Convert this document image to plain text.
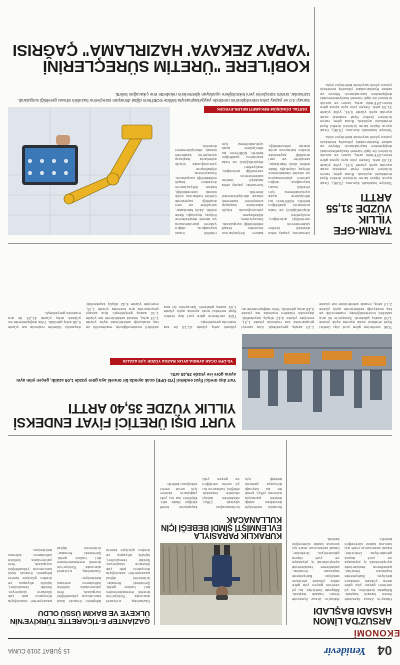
04
Yenidevir
15 ŞUBAT 2019 CUMA
EKONOMİ
ARSUZ'DA LİMON HASADI BAŞLADI

Hatay'ın Arsuz ilçesinde limon hasadı başladı. Bölgede üreticiler, bu yıl verimin geçen yıla göre daha yüksek olmasını bekliyor. Bahçelerde toplanan limonlar, paketleme tesislerinde ayrıştırılarak iç piyasaya ve yurt dışına gönderiliyor. Üreticiler, hasat sezonunun mart ayı sonuna kadar süreceğini belirtti.

Hatay'ın Arsuz ilçesinde limon hasadı başladı. Bölgede üreticiler, bu yıl verimin geçen yıla göre daha yüksek olmasını bekliyor. Bahçelerde toplanan limonlar, paketleme tesislerinde ayrıştırılarak iç piyasaya ve yurt dışına gönderiliyor. Üreticiler, hasat sezonunun mart ayı sonuna kadar süreceğini belirtti.

KURAKLIK PARASIYLA EVLENMİŞTİ ŞİMDİ BEBEĞİ İÇİN KULLANACAK

Kuraklık nedeniyle devletten aldığı destek parasıyla evlenen çiftçi, şimdi de bu kaynağı dünyaya gelecek bebeği için kullanacağını söyledi. Çiftçi, destekten dolayı devlete teşekkür ettiğini, tarlasının bu yıl verim verdiğini ve geçen yılki kayıplarını telafi ettiğini ifade etti. Köylüler ise bu yılki yağışların ekinler için umut verici olduğunu belirtti.

GAZİANTEP E-TİCARETTE TÜRKİYE'NİN ÜLKEYE VE BAKIM ÜSSÜ OLDU

Gaziantep, e-ticaret alanında Türkiye'nin önemli merkezlerinden biri haline geldi. Şehirdeki firmalar, ürünlerini dijital pazaryerleri aracılığıyla dünyanın pek çok ülkesine ulaştırıyor. Sektör temsilcileri, lojistik altyapısı ve üretim gücüyle kentin bölgenin ihracat üssü konumuna yükseldiğini vurguladı. Yeni yatırımlarla birlikte istihdamın artması bekleniyor.

Gaziantep, e-ticaret alanında Türkiye'nin önemli merkezlerinden biri haline geldi. Şehirdeki firmalar, ürünlerini dijital pazaryerleri aracılığıyla dünyanın pek çok ülkesine ulaştırıyor. Sektör temsilcileri, lojistik altyapısı ve üretim gücüyle kentin bölgenin ihracat üssü konumuna yükseldiğini vurguladı. Yeni yatırımlarla birlikte istihdamın artması bekleniyor.

YURT DIŞI ÜRETİCİ FİYAT ENDEKSİ YILLIK YÜZDE 35,40 ARTTI
Yurt dışı üretici fiyat endeksi (YD-ÜFE) ocak ayında bir önceki aya göre yüzde 1,05 azaldı, geçen yılın aynı ayına göre ise yüzde 35,40 arttı.
YD-ÜFE OCAK AYINDA AYLIK BAZDA YÜZDE 1,05 AZALDI

TÜİK verilerine göre yurt dışı üretici fiyat endeksi ocak ayında aylık yüzde 1,05 azalış gösterdi. Sanayinin iki ana sektörü incelendiğinde, madencilik ve taş ocakçılığı sektöründe aylık yüzde 2,13 artış, imalat sektöründe ise yüzde 1,10 azalış gerçekleşti. Ana sanayi gruplarında ara malında yüzde 1,31, enerjide yüzde 4,42 düşüş kaydedildi; dayanıklı tüketim malında ise yüzde 0,48 artış görüldü. Yıllık değişimlerde en yüksek artış yüzde 41,25 ile ara malında gerçekleşti.

TÜİK verilerine göre yurt dışı üretici fiyat endeksi ocak ayında aylık yüzde 1,05 azalış gösterdi. Sanayinin iki ana sektörü incelendiğinde, madencilik ve taş ocakçılığı sektöründe aylık yüzde 2,13 artış, imalat sektöründe ise yüzde 1,10 azalış gerçekleşti. Ana sanayi gruplarında ara malında yüzde 1,31, enerjide yüzde 4,42 düşüş kaydedildi; dayanıklı tüketim malında ise yüzde 0,48 artış görüldü. Yıllık değişimlerde en yüksek artış yüzde 41,25 ile ara malında gerçekleşti.

TARIM-GFE YILLIK VÜZDE 31,55 ARTTI

Türkiye İstatistik Kurumu (TÜİK), Ocak ayına ilişkin tarım ürünleri üretici fiyat endeksini açıkladı. Buna göre, tarım ürünleri üretici fiyat endeksi ocak ayında aylık yüzde 5,91, yıllık yüzde 31,55 arttı. Geçen yılın aynı ayına göre tarım-ÜFE'deki artış, tarım ve avcılık ürünleri ile ilgili hizmet faaliyetlerindeki değişimden kaynaklandı. Meyve ve sebze fiyatlarındaki yükseliş endeksin yukarı yönlü seyrinde belirleyici oldu.

Türkiye İstatistik Kurumu (TÜİK), Ocak ayına ilişkin tarım ürünleri üretici fiyat endeksini açıkladı. Buna göre, tarım ürünleri üretici fiyat endeksi ocak ayında aylık yüzde 5,91, yıllık yüzde 31,55 arttı. Geçen yılın aynı ayına göre tarım-ÜFE'deki artış, tarım ve avcılık ürünleri ile ilgili hizmet faaliyetlerindeki değişimden kaynaklandı. Meyve ve sebze fiyatlarındaki yükseliş endeksin yukarı yönlü seyrinde belirleyici oldu.

Uzmanlar, yapay zeka destekli üretim sistemlerinin verimliliği artırdığını, maliyetleri düşürdüğünü ve hata oranlarını azalttığını belirtti. KOBİ'lerin bu dönüşüme ayak uydurabilmesi için nitelikli insan kaynağına, doğru yatırım planlamasına ve devlet desteklerine ihtiyaç duyduğu ifade edildi. Akıllı fabrikalar, sensörler ve veri analitiği sayesinde üretim hatlarının anlık olarak izlenebildiği, bakım ihtiyaçlarının önceden tespit edilebildiği vurgulandı. Sanayicilere, dijitalleşme yolculuğunda küçük adımlarla başlayıp süreçlerini kademeli olarak dönüştürmeleri önerildi.

Uzmanlar, yapay zeka destekli üretim sistemlerinin verimliliği artırdığını, maliyetleri düşürdüğünü ve hata oranlarını azalttığını belirtti. KOBİ'lerin bu dönüşüme ayak uydurabilmesi için nitelikli insan kaynağına, doğru yatırım planlamasına ve devlet desteklerine ihtiyaç duyduğu ifade edildi. Akıllı fabrikalar, sensörler ve veri analitiği sayesinde üretim hatlarının anlık olarak izlenebildiği, bakım ihtiyaçlarının önceden tespit edilebildiği vurgulandı. Sanayicilere, dijitalleşme yolculuğunda küçük adımlarla başlayıp süreçlerini kademeli olarak dönüştürmeleri önerildi.

DİJİTAL DÖNÜŞÜM REKABETİ BELİRLEYECEK
Sanayi 4.0 ve yapay zeka teknolojilerinin üretimde yaygınlaşmasıyla birlikte KOBİ'lerin dijital dönüşüm süreçlerine hazırlıklı olması gerektiği vurgulandı. Uzmanlar, üretim süreçlerini yeni teknolojilere uyarlayan işletmelerin rekabette öne çıkacağını belirtti.
KOBİ'LERE "ÜRETİM SÜREÇLERİNİ 'YAPAY ZEKAYA' HAZIRLAMA" ÇAĞRISI
